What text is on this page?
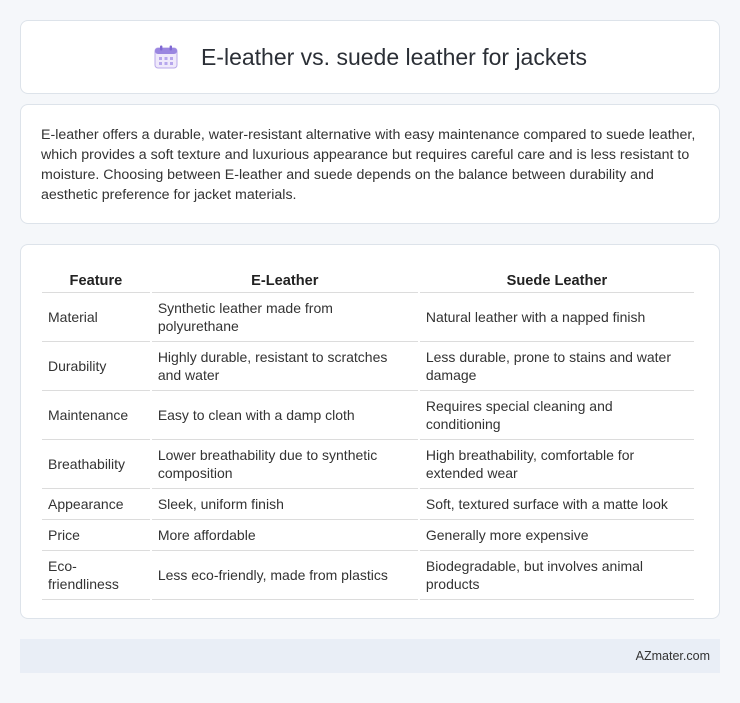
E-leather vs. suede leather for jackets

E-leather offers a durable, water-resistant alternative with easy maintenance compared to suede leather, which provides a soft texture and luxurious appearance but requires careful care and is less resistant to moisture. Choosing between E-leather and suede depends on the balance between durability and aesthetic preference for jacket materials.

Feature	E-Leather	Suede Leather
Material	Synthetic leather made from polyurethane	Natural leather with a napped finish
Durability	Highly durable, resistant to scratches and water	Less durable, prone to stains and water damage
Maintenance	Easy to clean with a damp cloth	Requires special cleaning and conditioning
Breathability	Lower breathability due to synthetic composition	High breathability, comfortable for extended wear
Appearance	Sleek, uniform finish	Soft, textured surface with a matte look
Price	More affordable	Generally more expensive
Eco-friendliness	Less eco-friendly, made from plastics	Biodegradable, but involves animal products
AZmater.com
